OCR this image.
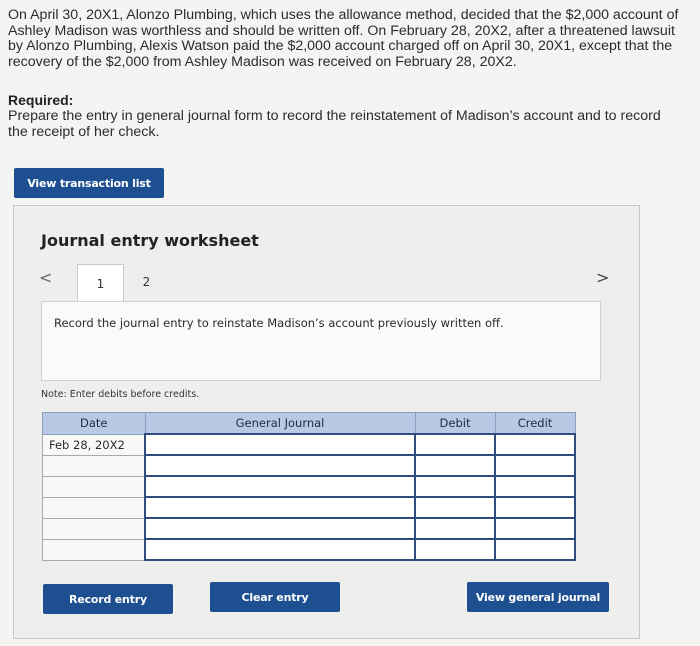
On April 30, 20X1, Alonzo Plumbing, which uses the allowance method, decided that the $2,000 account of Ashley Madison was worthless and should be written off. On February 28, 20X2, after a threatened lawsuit by Alonzo Plumbing, Alexis Watson paid the $2,000 account charged off on April 30, 20X1, except that the recovery of the $2,000 from Ashley Madison was received on February 28, 20X2.
Required:
Prepare the entry in general journal form to record the reinstatement of Madison’s account and to record the receipt of her check.
View transaction list
Journal entry worksheet
<	1	2	>
Record the journal entry to reinstate Madison’s account previously written off.
Note: Enter debits before credits.
Date	General Journal	Debit	Credit
Feb 28, 20X2			

Record entry	Clear entry	View general journal
